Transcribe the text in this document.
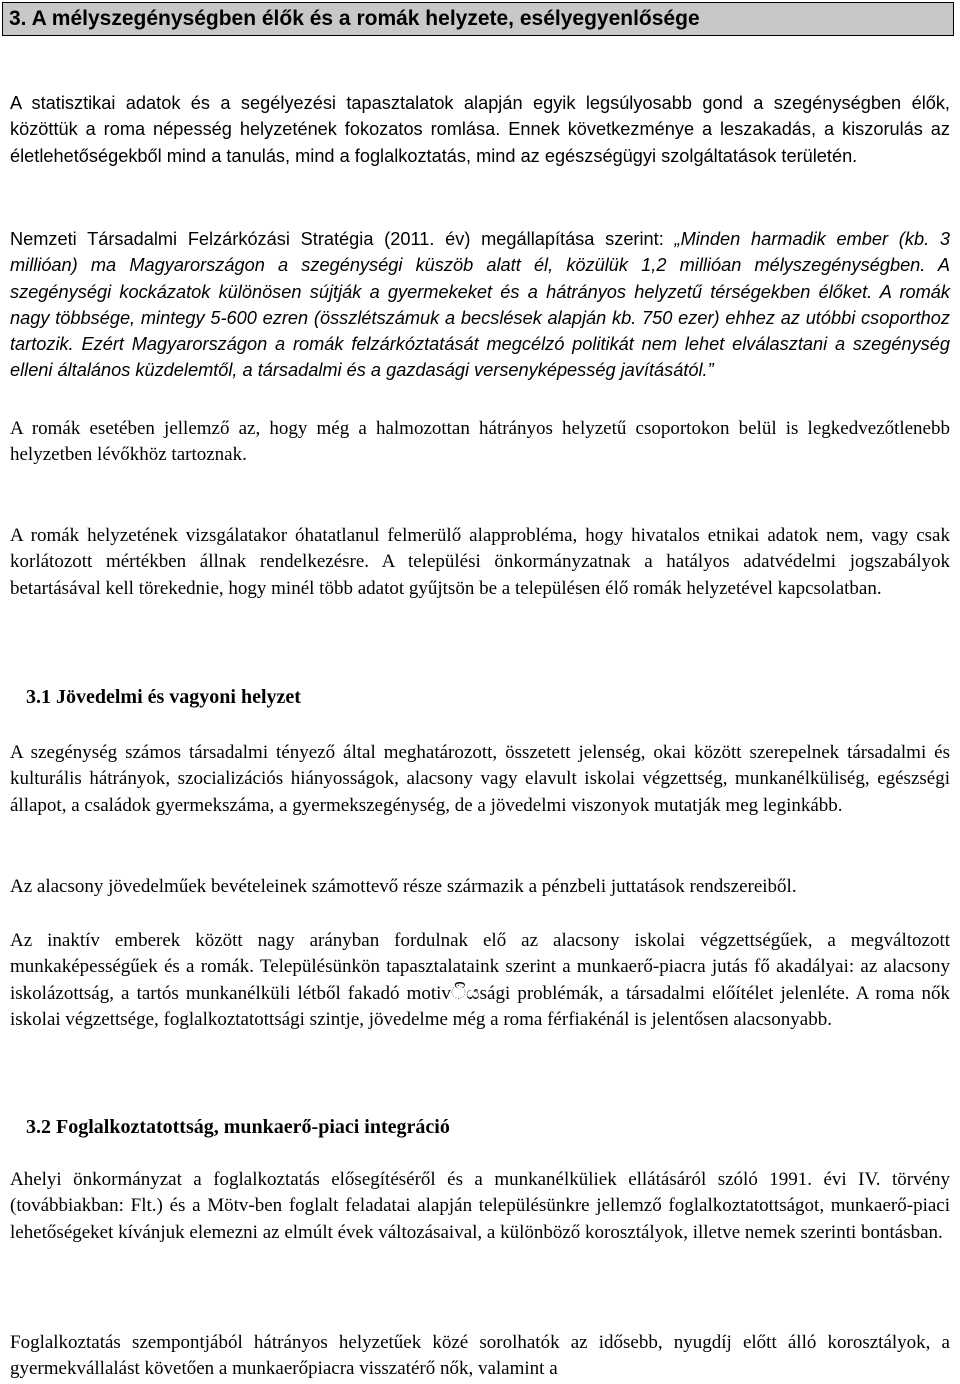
3. A mélyszegénységben élők és a romák helyzete, esélyegyenlősége
A statisztikai adatok és a segélyezési tapasztalatok alapján egyik legsúlyosabb gond a szegénységben élők, közöttük a roma népesség helyzetének fokozatos romlása. Ennek következménye a leszakadás, a kiszorulás az életlehetőségekből mind a tanulás, mind a foglalkoztatás, mind az egészségügyi szolgáltatások területén.
Nemzeti Társadalmi Felzárkózási Stratégia (2011. év) megállapítása szerint: „Minden harmadik ember (kb. 3 millióan) ma Magyarországon a szegénységi küszöb alatt él, közülük 1,2 millióan mélyszegénységben. A szegénységi kockázatok különösen sújtják a gyermekeket és a hátrányos helyzetű térségekben élőket. A romák nagy többsége, mintegy 5-600 ezren (összlétszámuk a becslések alapján kb. 750 ezer) ehhez az utóbbi csoporthoz tartozik. Ezért Magyarországon a romák felzárkóztatását megcélzó politikát nem lehet elválasztani a szegénység elleni általános küzdelemtől, a társadalmi és a gazdasági versenyképesség javításától.”
A romák esetében jellemző az, hogy még a halmozottan hátrányos helyzetű csoportokon belül is legkedvezőtlenebb helyzetben lévőkhöz tartoznak.
A romák helyzetének vizsgálatakor óhatatlanul felmerülő alapprobléma, hogy hivatalos etnikai adatok nem, vagy csak korlátozott mértékben állnak rendelkezésre. A települési önkormányzatnak a hatályos adatvédelmi jogszabályok betartásával kell törekednie, hogy minél több adatot gyűjtsön be a településen élő romák helyzetével kapcsolatban.
3.1 Jövedelmi és vagyoni helyzet
A szegénység számos társadalmi tényező által meghatározott, összetett jelenség, okai között szerepelnek társadalmi és kulturális hátrányok, szocializációs hiányosságok, alacsony vagy elavult iskolai végzettség, munkanélküliség, egészségi állapot, a családok gyermekszáma, a gyermekszegénység, de a jövedelmi viszonyok mutatják meg leginkább.
Az alacsony jövedelműek bevételeinek számottevő része származik a pénzbeli juttatások rendszereiből.
Az inaktív emberek között nagy arányban fordulnak elő az alacsony iskolai végzettségűek, a megváltozott munkaképességűek és a romák. Településünkön tapasztalataink szerint a munkaerő-piacra jutás fő akadályai: az alacsony iskolázottság, a tartós munkanélküli létből fakadó motivියsági problémák, a társadalmi előítélet jelenléte. A roma nők iskolai végzettsége, foglalkoztatottsági szintje, jövedelme még a roma férfiakénál is jelentősen alacsonyabb.
3.2 Foglalkoztatottság, munkaerő-piaci integráció
Ahelyi önkormányzat a foglalkoztatás elősegítéséről és a munkanélküliek ellátásáról szóló 1991. évi IV. törvény (továbbiakban: Flt.) és a Mötv-ben foglalt feladatai alapján településünkre jellemző foglalkoztatottságot, munkaerő-piaci lehetőségeket kívánjuk elemezni az elmúlt évek változásaival, a különböző korosztályok, illetve nemek szerinti bontásban.
Foglalkoztatás szempontjából hátrányos helyzetűek közé sorolhatók az idősebb, nyugdíj előtt álló korosztályok, a gyermekvállalást követően a munkaerőpiacra visszatérő nők, valamint a
